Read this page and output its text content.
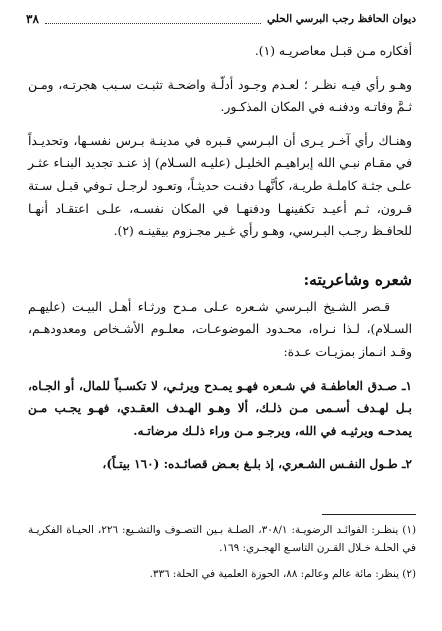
ديوان الحافظ رجب البرسي الحلي
٣٨

أفكاره مـن قبـل معاصريـه (١).

وهـو رأي فيـه نظـر ؛ لعـدم وجـود أدلّـة واضحـة تثبـت سـبب هجرتـه، ومـن ثـمَّ وفاتـه ودفنـه في المكان المذكـور.

وهنـاك رأي آخـر يـرى أن البـرسي قـبره في مدينـة بـرس نفسـها، وتحديـداً في مقـام نبـي الله إبراهيـم الخليـل (عليـه السـلام) إذ عنـد تجديد البنـاء عثـر علـى جثـة كاملـة طريـة، كأنَّهـا دفنـت حديثـاً، وتعـود لرجـل تـوفي قبـل سـتة قـرون، ثـم أعيـد تكفينهـا ودفنهـا في المكان نفسـه، علـى اعتقـاد أنهـا للحافـظ رجـب البـرسي، وهـو رأي غـير مجـزوم بيقينـه (٢).

شعره وشاعريته:

قـصر الشـيخ البـرسي شـعره عـلى مـدح ورثـاء أهـل البيـت (عليهـم السـلام)، لـذا نـراه، محـدود الموضوعـات، معلـوم الأشـخاص ومعدودهـم، وقـد انـماز بمزيـات عـدة:

١ـ صـدق العاطفـة في شـعره فهـو يمـدح ويرثـي، لا تكسـباً للمال، أو الجـاه، بـل لهـدف أسـمى مـن ذلـك، ألا وهـو الهـدف العقـدي، فهـو يجـب مـن يمدحـه ويرثيـه في الله، ويرجـو مـن وراء ذلـك مرضاتـه.

٢ـ طـول النفـس الشـعري، إذ بلـغ بعـض قصائـده: (١٦٠ بيتـاً)،

(١) ينظـر: الفوائـد الرضويـة: ٣٠٨/١، الصلـة بـين التصـوف والتشـيع: ٢٢٦، الحيـاة الفكريـة في الحلـة خـلال القـرن التاسـع الهجـري: ١٦٩.

(٢) ينظر: مائة عالم وعالم: ٨٨، الحوزة العلمية في الحلة: ٣٣٦.
